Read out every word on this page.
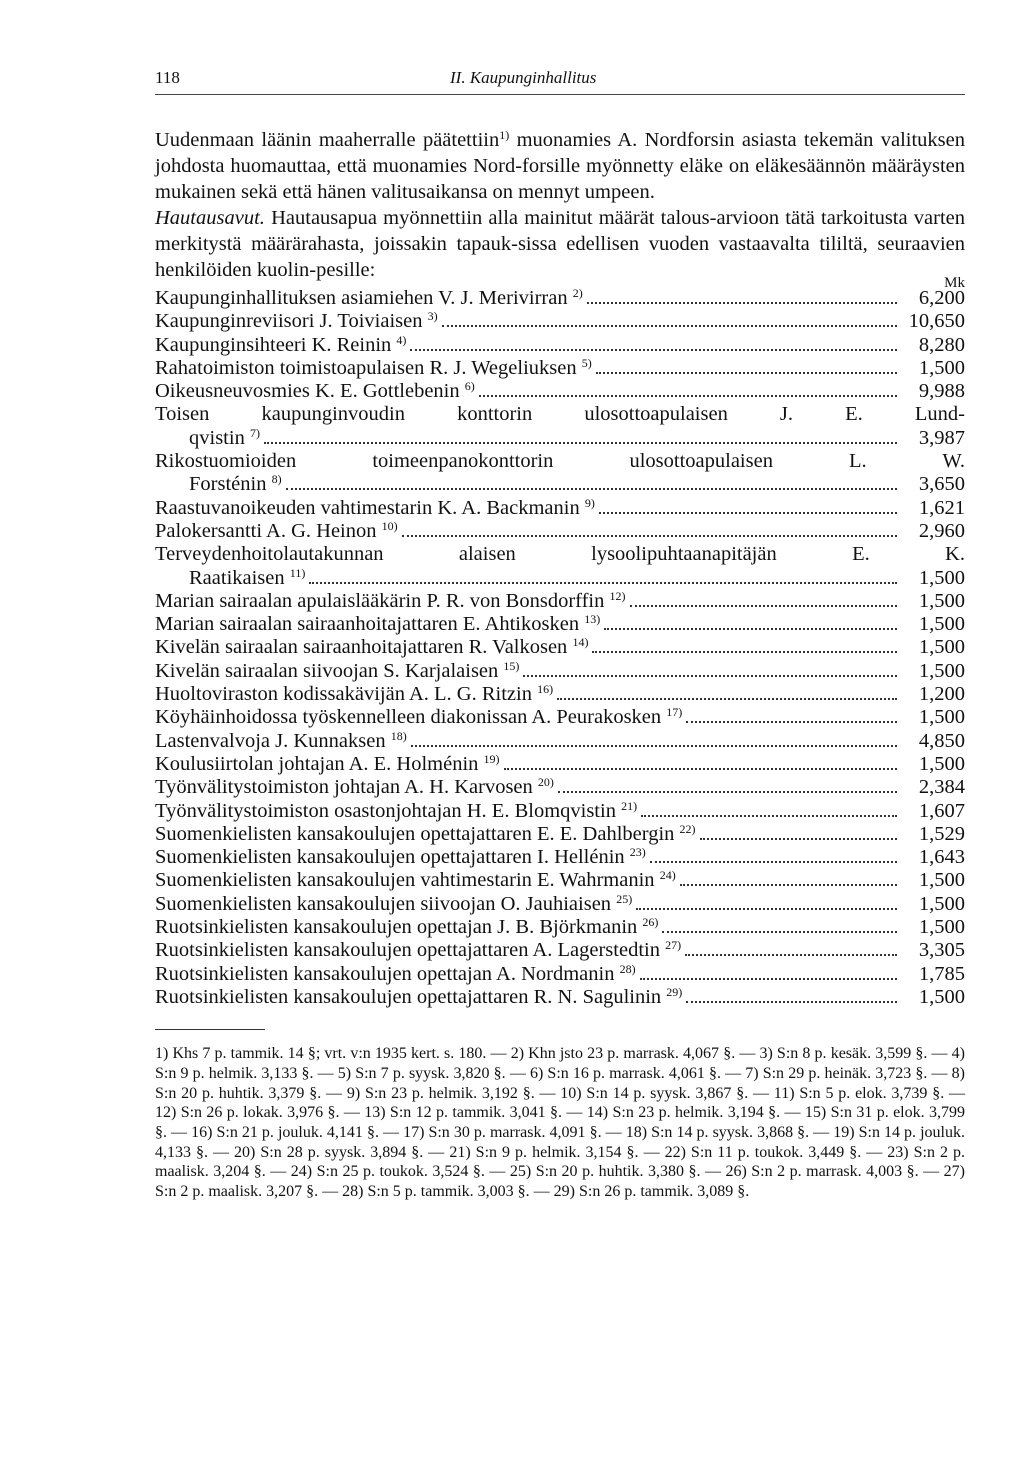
118	II. Kaupunginhallitus

Uudenmaan läänin maaherralle päätettiin$^{1)}$ muonamies A. Nordforsin asiasta tekemän valituksen johdosta huomauttaa, että muonamies Nord-forsille myönnetty eläke on eläkesäännön määräysten mukainen sekä että hänen valitusaikansa on mennyt umpeen.

Hautausavut. Hautausapua myönnettiin alla mainitut määrät talous-arvioon tätä tarkoitusta varten merkitystä määrärahasta, joissakin tapauk-sissa edellisen vuoden vastaavalta tililtä, seuraavien henkilöiden kuolin-pesille:

Mk
Kaupunginhallituksen asiamiehen V. J. Merivirran $^{2)}$	6,200
Kaupunginreviisori J. Toiviaisen $^{3)}$	10,650
Kaupunginsihteeri K. Reinin $^{4)}$	8,280
Rahatoimiston toimistoapulaisen R. J. Wegeliuksen $^{5)}$	1,500
Oikeusneuvosmies K. E. Gottlebenin $^{6)}$	9,988
Toisen kaupunginvoudin konttorin ulosottoapulaisen J. E. Lund-
qvistin $^{7)}$	3,987
Rikostuomioiden toimeenpanokonttorin ulosottoapulaisen L. W.
Forsténin $^{8)}$	3,650
Raastuvanoikeuden vahtimestarin K. A. Backmanin $^{9)}$	1,621
Palokersantti A. G. Heinon $^{10)}$	2,960
Terveydenhoitolautakunnan alaisen lysoolipuhtaanapitäjän E. K.
Raatikaisen $^{11)}$	1,500
Marian sairaalan apulaislääkärin P. R. von Bonsdorffin $^{12)}$	1,500
Marian sairaalan sairaanhoitajattaren E. Ahtikosken $^{13)}$	1,500
Kivelän sairaalan sairaanhoitajattaren R. Valkosen $^{14)}$	1,500
Kivelän sairaalan siivoojan S. Karjalaisen $^{15)}$	1,500
Huoltoviraston kodissakävijän A. L. G. Ritzin $^{16)}$	1,200
Köyhäinhoidossa työskennelleen diakonissan A. Peurakosken $^{17)}$	1,500
Lastenvalvoja J. Kunnaksen $^{18)}$	4,850
Koulusiirtolan johtajan A. E. Holménin $^{19)}$	1,500
Työnvälitystoimiston johtajan A. H. Karvosen $^{20)}$	2,384
Työnvälitystoimiston osastonjohtajan H. E. Blomqvistin $^{21)}$	1,607
Suomenkielisten kansakoulujen opettajattaren E. E. Dahlbergin $^{22)}$	1,529
Suomenkielisten kansakoulujen opettajattaren I. Hellénin $^{23)}$	1,643
Suomenkielisten kansakoulujen vahtimestarin E. Wahrmanin $^{24)}$	1,500
Suomenkielisten kansakoulujen siivoojan O. Jauhiaisen $^{25)}$	1,500
Ruotsinkielisten kansakoulujen opettajan J. B. Björkmanin $^{26)}$	1,500
Ruotsinkielisten kansakoulujen opettajattaren A. Lagerstedtin $^{27)}$	3,305
Ruotsinkielisten kansakoulujen opettajan A. Nordmanin $^{28)}$	1,785
Ruotsinkielisten kansakoulujen opettajattaren R. N. Sagulinin $^{29)}$	1,500
1) Khs 7 p. tammik. 14 §; vrt. v:n 1935 kert. s. 180. — 2) Khn jsto 23 p. marrask. 4,067 §. — 3) S:n 8 p. kesäk. 3,599 §. — 4) S:n 9 p. helmik. 3,133 §. — 5) S:n 7 p. syysk. 3,820 §. — 6) S:n 16 p. marrask. 4,061 §. — 7) S:n 29 p. heinäk. 3,723 §. — 8) S:n 20 p. huhtik. 3,379 §. — 9) S:n 23 p. helmik. 3,192 §. — 10) S:n 14 p. syysk. 3,867 §. — 11) S:n 5 p. elok. 3,739 §. — 12) S:n 26 p. lokak. 3,976 §. — 13) S:n 12 p. tammik. 3,041 §. — 14) S:n 23 p. helmik. 3,194 §. — 15) S:n 31 p. elok. 3,799 §. — 16) S:n 21 p. jouluk. 4,141 §. — 17) S:n 30 p. marrask. 4,091 §. — 18) S:n 14 p. syysk. 3,868 §. — 19) S:n 14 p. jouluk. 4,133 §. — 20) S:n 28 p. syysk. 3,894 §. — 21) S:n 9 p. helmik. 3,154 §. — 22) S:n 11 p. toukok. 3,449 §. — 23) S:n 2 p. maalisk. 3,204 §. — 24) S:n 25 p. toukok. 3,524 §. — 25) S:n 20 p. huhtik. 3,380 §. — 26) S:n 2 p. marrask. 4,003 §. — 27) S:n 2 p. maalisk. 3,207 §. — 28) S:n 5 p. tammik. 3,003 §. — 29) S:n 26 p. tammik. 3,089 §.
